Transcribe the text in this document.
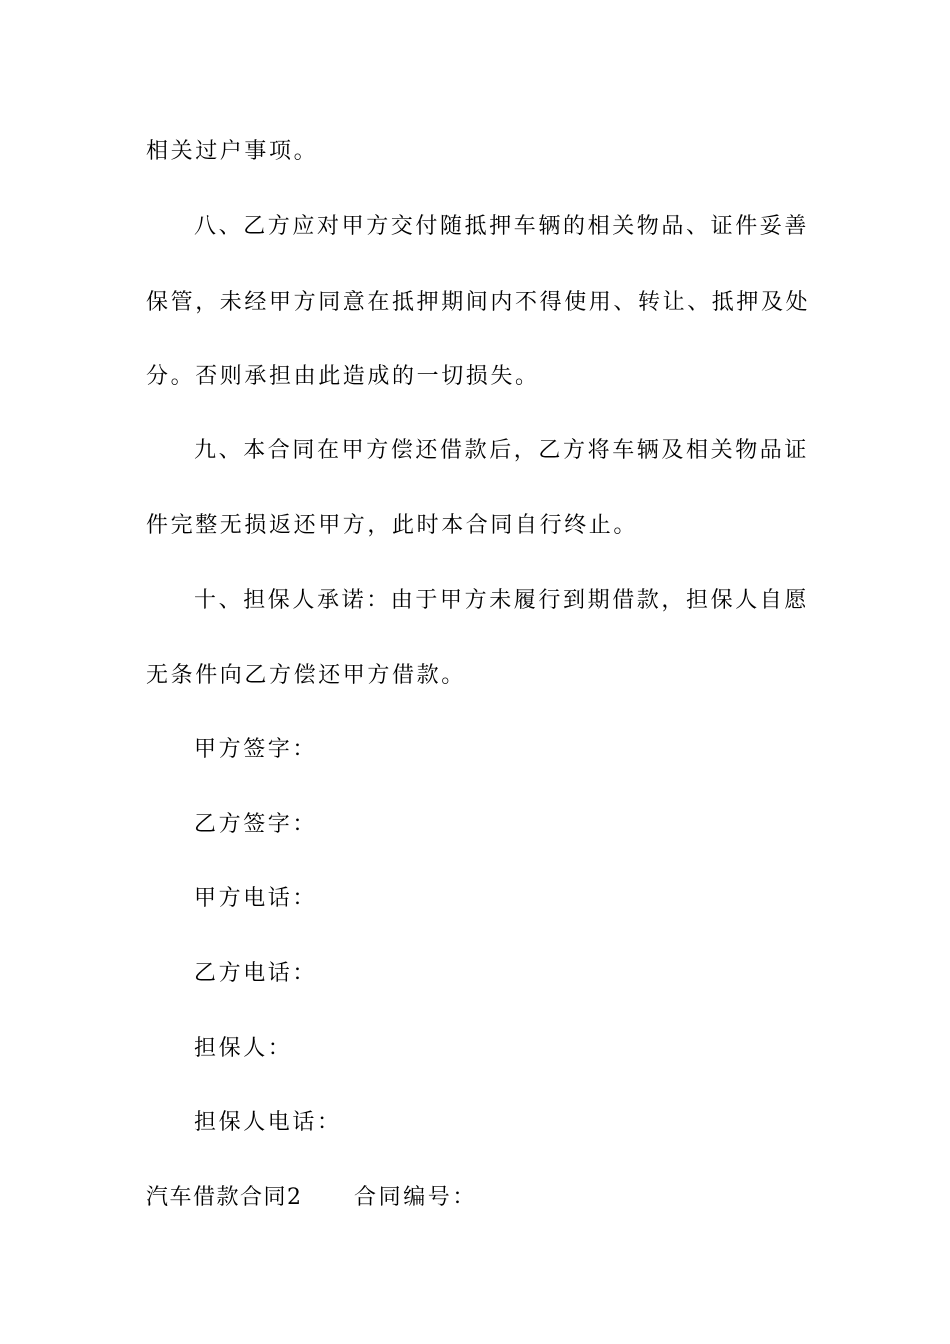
相关过户事项。
八、乙方应对甲方交付随抵押车辆的相关物品、证件妥善
保管，未经甲方同意在抵押期间内不得使用、转让、抵押及处
分。否则承担由此造成的一切损失。
九、本合同在甲方偿还借款后，乙方将车辆及相关物品证
件完整无损返还甲方，此时本合同自行终止。
十、担保人承诺：由于甲方未履行到期借款，担保人自愿
无条件向乙方偿还甲方借款。
甲方签字：
乙方签字：
甲方电话：
乙方电话：
担保人：
担保人电话：
汽车借款合同2 合同编号：
